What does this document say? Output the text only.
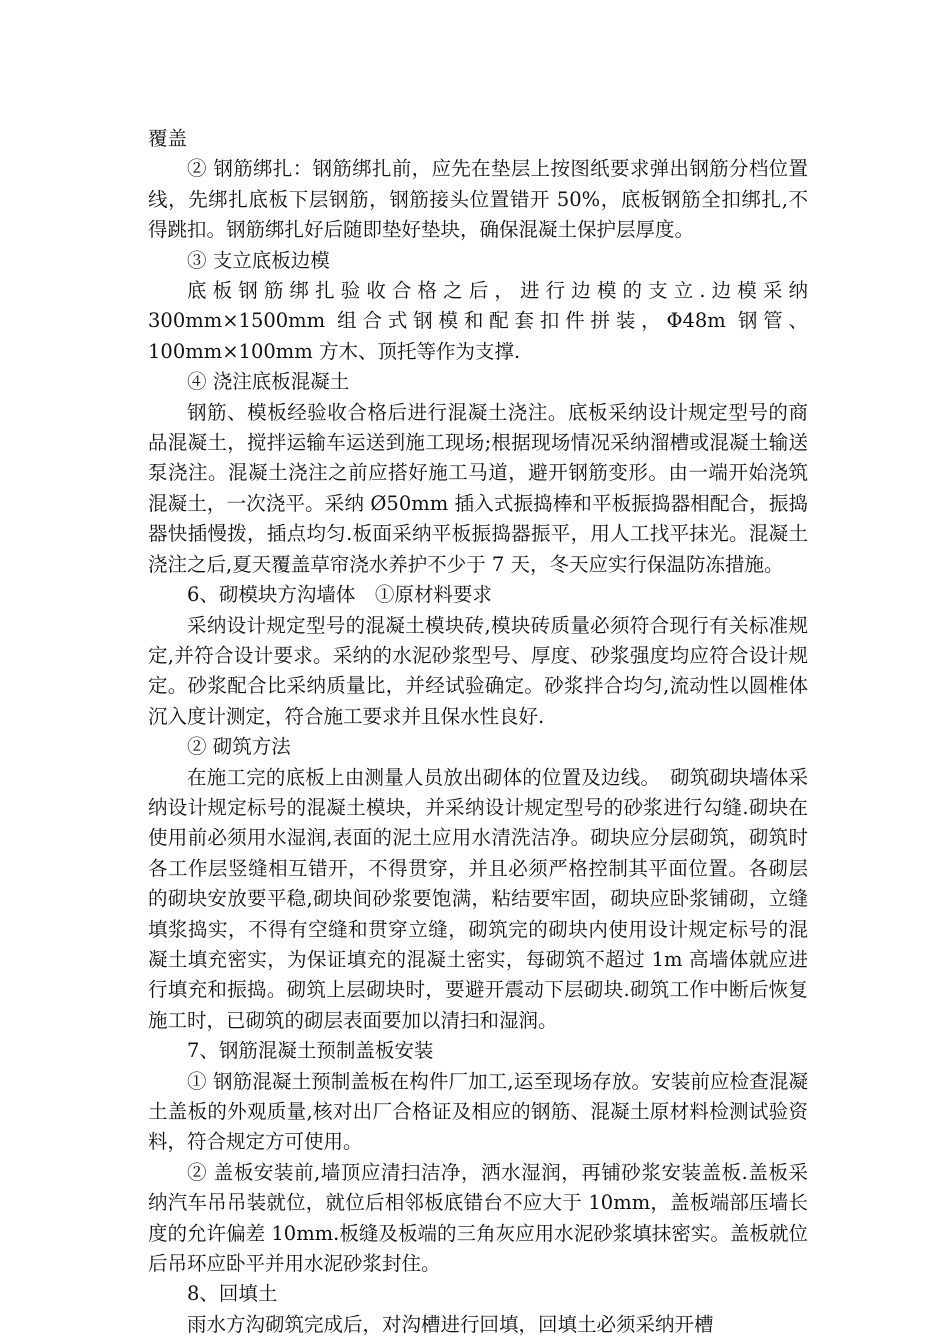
覆盖

② 钢筋绑扎：钢筋绑扎前，应先在垫层上按图纸要求弹出钢筋分档位置线，先绑扎底板下层钢筋，钢筋接头位置错开 50%，底板钢筋全扣绑扎,不得跳扣。钢筋绑扎好后随即垫好垫块，确保混凝土保护层厚度。

③ 支立底板边模

底板钢筋绑扎验收合格之后，进行边模的支立.边模采纳 300mm×1500mm 组合式钢模和配套扣件拼装，Φ48m 钢管、100mm×100mm 方木、顶托等作为支撑.

④ 浇注底板混凝土

钢筋、模板经验收合格后进行混凝土浇注。底板采纳设计规定型号的商品混凝土，搅拌运输车运送到施工现场;根据现场情况采纳溜槽或混凝土输送泵浇注。混凝土浇注之前应搭好施工马道，避开钢筋变形。由一端开始浇筑混凝土，一次浇平。采纳 Ø50mm 插入式振捣棒和平板振捣器相配合，振捣器快插慢拨，插点均匀.板面采纳平板振捣器振平，用人工找平抹光。混凝土浇注之后,夏天覆盖草帘浇水养护不少于 7 天，冬天应实行保温防冻措施。

6、砌模块方沟墙体　①原材料要求

采纳设计规定型号的混凝土模块砖,模块砖质量必须符合现行有关标准规定,并符合设计要求。采纳的水泥砂浆型号、厚度、砂浆强度均应符合设计规定。砂浆配合比采纳质量比，并经试验确定。砂浆拌合均匀,流动性以圆椎体沉入度计测定，符合施工要求并且保水性良好.

② 砌筑方法

在施工完的底板上由测量人员放出砌体的位置及边线。　砌筑砌块墙体采纳设计规定标号的混凝土模块，并采纳设计规定型号的砂浆进行勾缝.砌块在使用前必须用水湿润,表面的泥土应用水清洗洁净。砌块应分层砌筑，砌筑时各工作层竖缝相互错开，不得贯穿，并且必须严格控制其平面位置。各砌层的砌块安放要平稳,砌块间砂浆要饱满，粘结要牢固，砌块应卧浆铺砌，立缝填浆捣实，不得有空缝和贯穿立缝，砌筑完的砌块内使用设计规定标号的混凝土填充密实，为保证填充的混凝土密实，每砌筑不超过 1m 高墙体就应进行填充和振捣。砌筑上层砌块时，要避开震动下层砌块.砌筑工作中断后恢复施工时，已砌筑的砌层表面要加以清扫和湿润。

7、钢筋混凝土预制盖板安装

① 钢筋混凝土预制盖板在构件厂加工,运至现场存放。安装前应检查混凝土盖板的外观质量,核对出厂合格证及相应的钢筋、混凝土原材料检测试验资料，符合规定方可使用。

② 盖板安装前,墙顶应清扫洁净，洒水湿润，再铺砂浆安装盖板.盖板采纳汽车吊吊装就位，就位后相邻板底错台不应大于 10mm，盖板端部压墙长度的允许偏差 10mm.板缝及板端的三角灰应用水泥砂浆填抹密实。盖板就位后吊环应卧平并用水泥砂浆封住。

8、回填土

雨水方沟砌筑完成后，对沟槽进行回填，回填土必须采纳开槽
